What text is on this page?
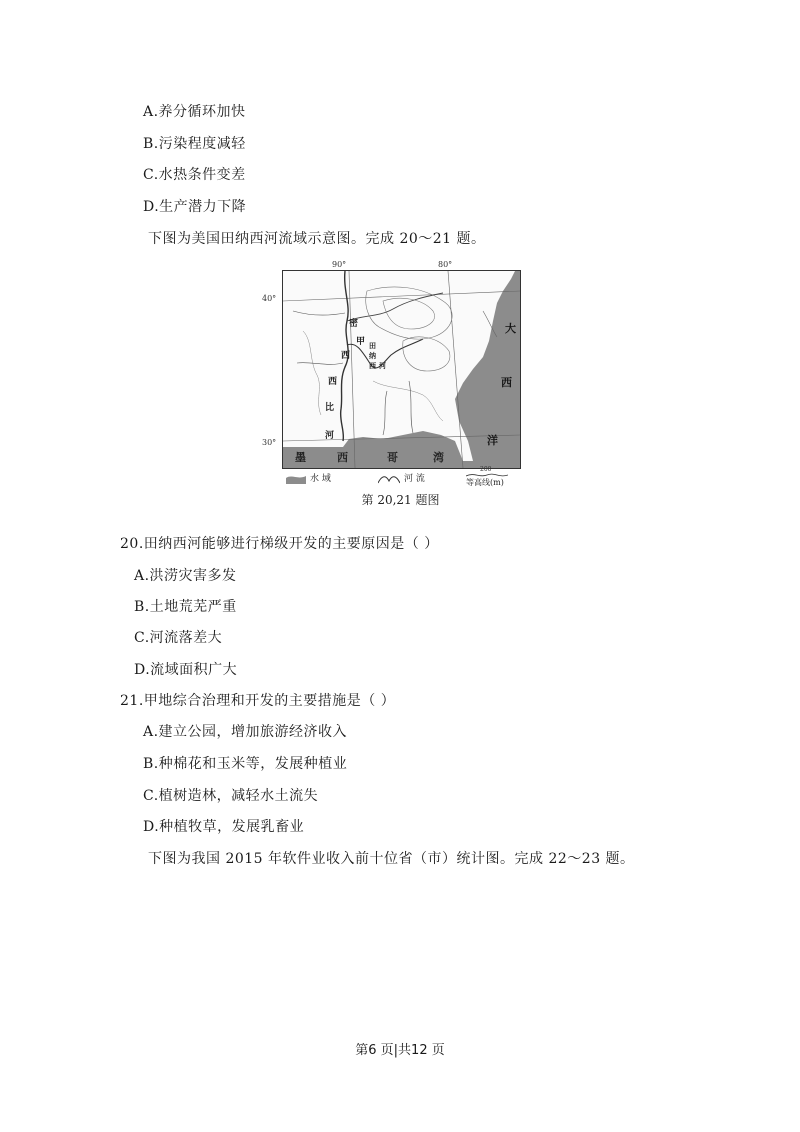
A.养分循环加快
B.污染程度减轻
C.水热条件变差
D.生产潜力下降
下图为美国田纳西河流域示意图。完成 20～21 题。
密
西
西
比
河
甲 田
纳
西 河
大
西
洋
墨	西	哥	湾
40°
30°
90°	80°
水 域	河 流
200
等高线(m)
第 20,21 题图
20.田纳西河能够进行梯级开发的主要原因是（ ）
A.洪涝灾害多发
B.土地荒芜严重
C.河流落差大
D.流域面积广大
21.甲地综合治理和开发的主要措施是（ ）
A.建立公园，增加旅游经济收入
B.种棉花和玉米等，发展种植业
C.植树造林，减轻水土流失
D.种植牧草，发展乳畜业
下图为我国 2015 年软件业收入前十位省（市）统计图。完成 22～23 题。
第6 页|共12 页
